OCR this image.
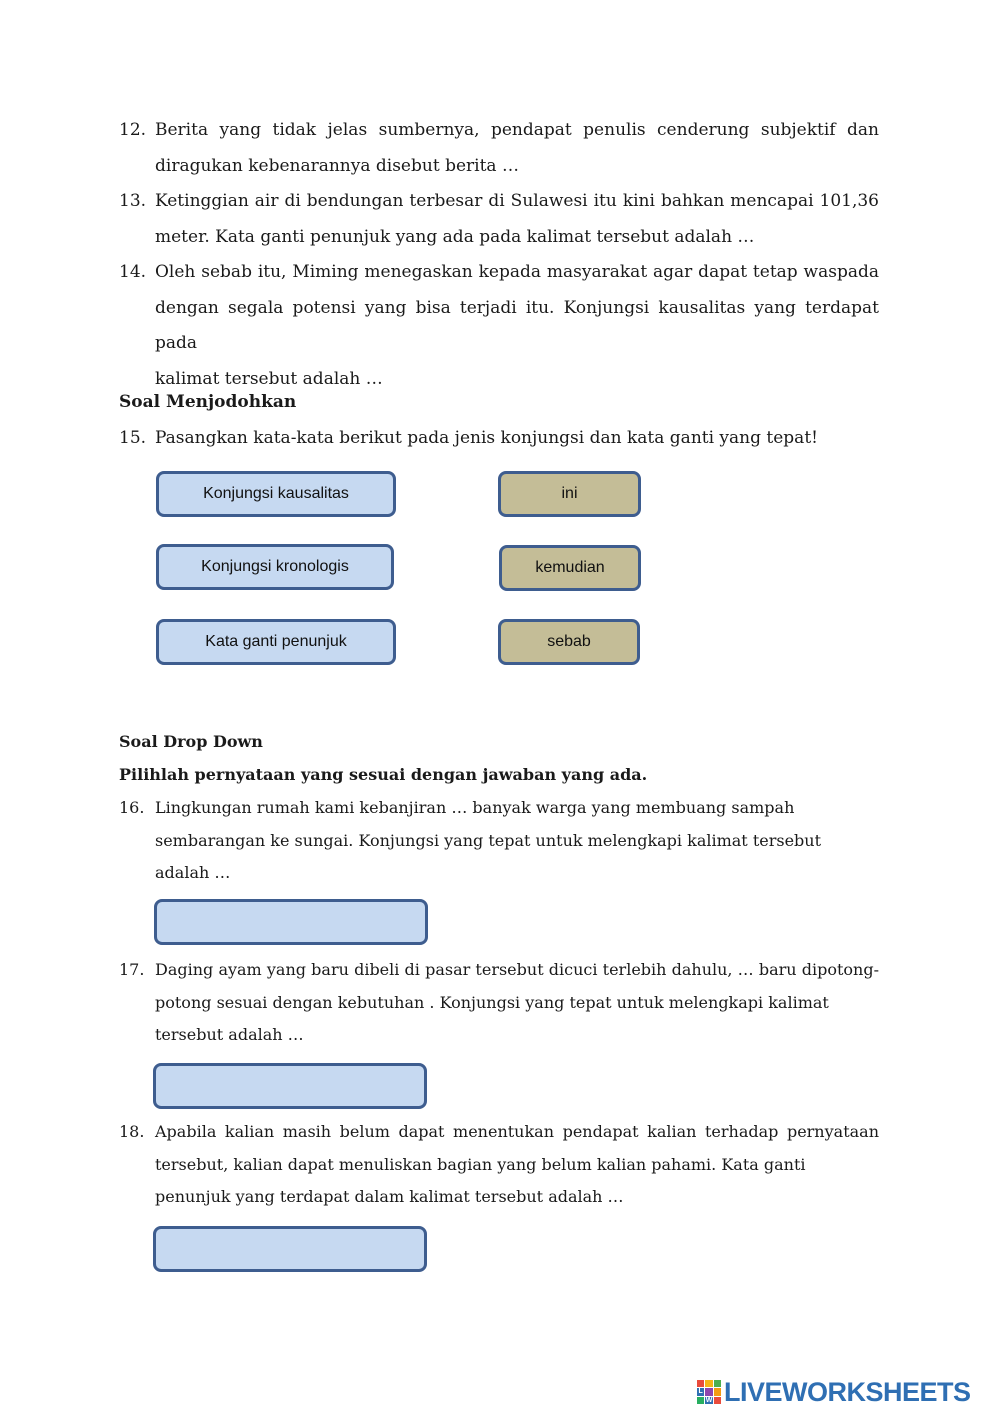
12. Berita yang tidak jelas sumbernya, pendapat penulis cenderung subjektif dan
diragukan kebenarannya disebut berita …
13. Ketinggian air di bendungan terbesar di Sulawesi itu kini bahkan mencapai 101,36
meter. Kata ganti penunjuk yang ada pada kalimat tersebut adalah …
14. Oleh sebab itu, Miming menegaskan kepada masyarakat agar dapat tetap waspada
dengan segala potensi yang bisa terjadi itu. Konjungsi kausalitas yang terdapat pada
kalimat tersebut adalah …
Soal Menjodohkan
15. Pasangkan kata-kata berikut pada jenis konjungsi dan kata ganti yang tepat!
Konjungsi kausalitas
Konjungsi kronologis
Kata ganti penunjuk
ini
kemudian
sebab
Soal Drop Down
Pilihlah pernyataan yang sesuai dengan jawaban yang ada.
16. Lingkungan rumah kami kebanjiran … banyak warga yang membuang sampah sembarangan ke sungai. Konjungsi yang tepat untuk melengkapi kalimat tersebut adalah …
17. Daging ayam yang baru dibeli di pasar tersebut dicuci terlebih dahulu, … baru dipotong-
potong sesuai dengan kebutuhan . Konjungsi yang tepat untuk melengkapi kalimat tersebut adalah …
18. Apabila kalian masih belum dapat menentukan pendapat kalian terhadap pernyataan
tersebut, kalian dapat menuliskan bagian yang belum kalian pahami. Kata ganti penunjuk yang terdapat dalam kalimat tersebut adalah …
L
W LIVEWORKSHEETS
